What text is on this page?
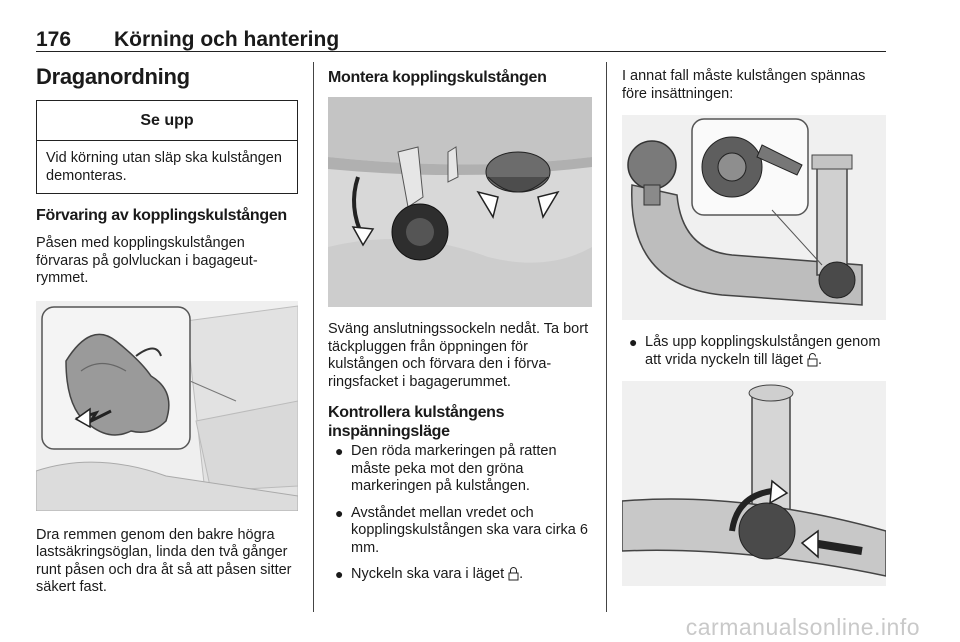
176 Körning och hantering
Draganordning
Se upp
Vid körning utan släp ska kulstången demonteras.
Förvaring av kopplingskulstången

Påsen med kopplingskulstången förvaras på golvluckan i bagageut-rymmet.

Dra remmen genom den bakre högra lastsäkringsöglan, linda den två gånger runt påsen och dra åt så att påsen sitter säkert fast.

Montera kopplingskulstången

Sväng anslutningssockeln nedåt. Ta bort täckpluggen från öppningen för kulstången och förvara den i förva-ringsfacket i bagagerummet.

Kontrollera kulstångens inspänningsläge
● Den röda markeringen på ratten måste peka mot den gröna markeringen på kulstången.
● Avståndet mellan vredet och kopplingskulstången ska vara cirka 6 mm.
● Nyckeln ska vara i läget .

I annat fall måste kulstången spännas före insättningen:

● Lås upp kopplingskulstången genom att vrida nyckeln till läget .
carmanualsonline.info
